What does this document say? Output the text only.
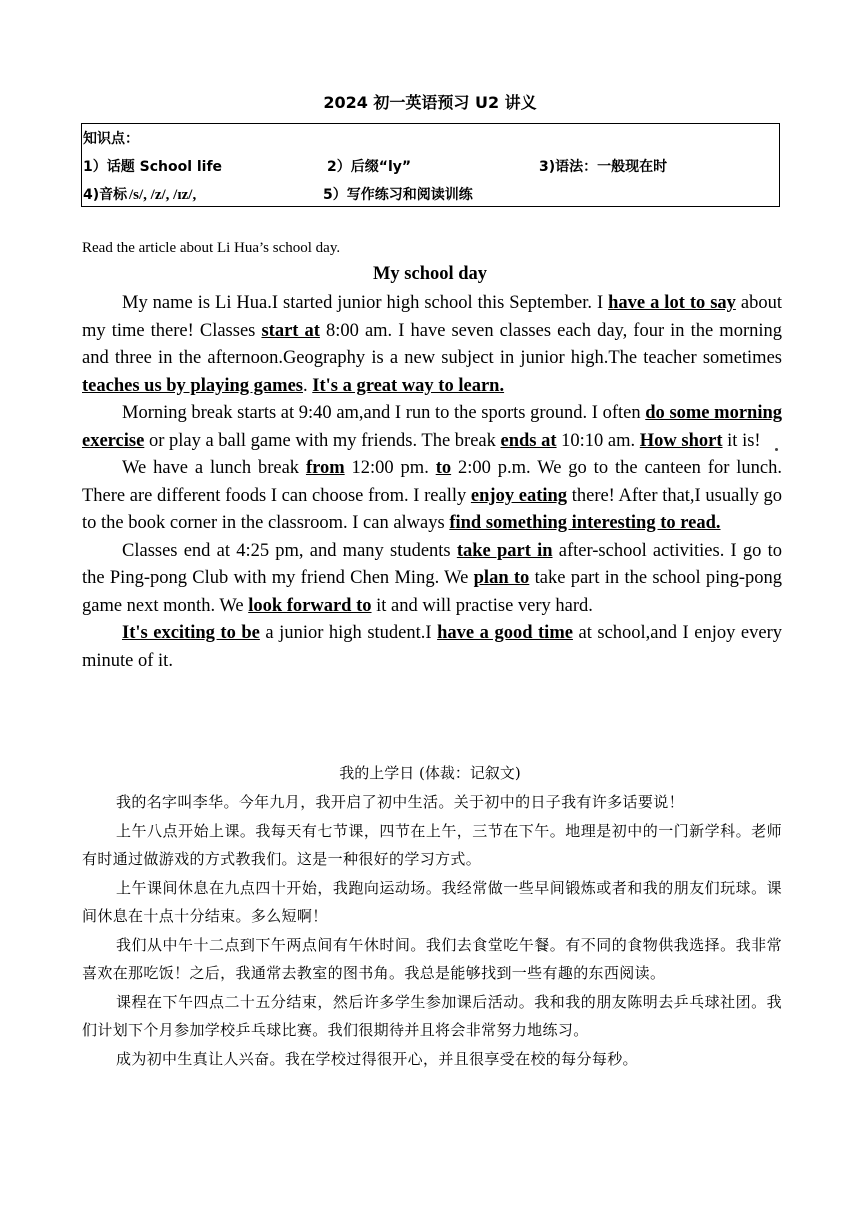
2024 初一英语预习 U2 讲义
知识点：
1）话题 School life	2）后缀“ly”	3)语法：一般现在时
4)音标 /s/, /z/, /ɪz/,	5）写作练习和阅读训练
Read the article about Li Hua’s school day.
My school day

My name is Li Hua.I started junior high school this September. I have a lot to say about my time there! Classes start at 8:00 am. I have seven classes each day, four in the morning and three in the afternoon.Geography is a new subject in junior high.The teacher sometimes teaches us by playing games. It's a great way to learn.

Morning break starts at 9:40 am,and I run to the sports ground. I often do some morning exercise or play a ball game with my friends. The break ends at 10:10 am. How short it is!

We have a lunch break from 12:00 pm. to 2:00 p.m. We go to the canteen for lunch. There are different foods I can choose from. I really enjoy eating there! After that,I usually go to the book corner in the classroom. I can always find something interesting to read.

Classes end at 4:25 pm, and many students take part in after-school activities. I go to the Ping-pong Club with my friend Chen Ming. We plan to take part in the school ping-pong game next month. We look forward to it and will practise very hard.

It's exciting to be a junior high student.I have a good time at school,and I enjoy every minute of it.

我的上学日 (体裁：记叙文)

我的名字叫李华。今年九月，我开启了初中生活。关于初中的日子我有许多话要说！

上午八点开始上课。我每天有七节课，四节在上午，三节在下午。地理是初中的一门新学科。老师有时通过做游戏的方式教我们。这是一种很好的学习方式。

上午课间休息在九点四十开始，我跑向运动场。我经常做一些早间锻炼或者和我的朋友们玩球。课间休息在十点十分结束。多么短啊！

我们从中午十二点到下午两点间有午休时间。我们去食堂吃午餐。有不同的食物供我选择。我非常喜欢在那吃饭！之后，我通常去教室的图书角。我总是能够找到一些有趣的东西阅读。

课程在下午四点二十五分结束，然后许多学生参加课后活动。我和我的朋友陈明去乒乓球社团。我们计划下个月参加学校乒乓球比赛。我们很期待并且将会非常努力地练习。

成为初中生真让人兴奋。我在学校过得很开心，并且很享受在校的每分每秒。
